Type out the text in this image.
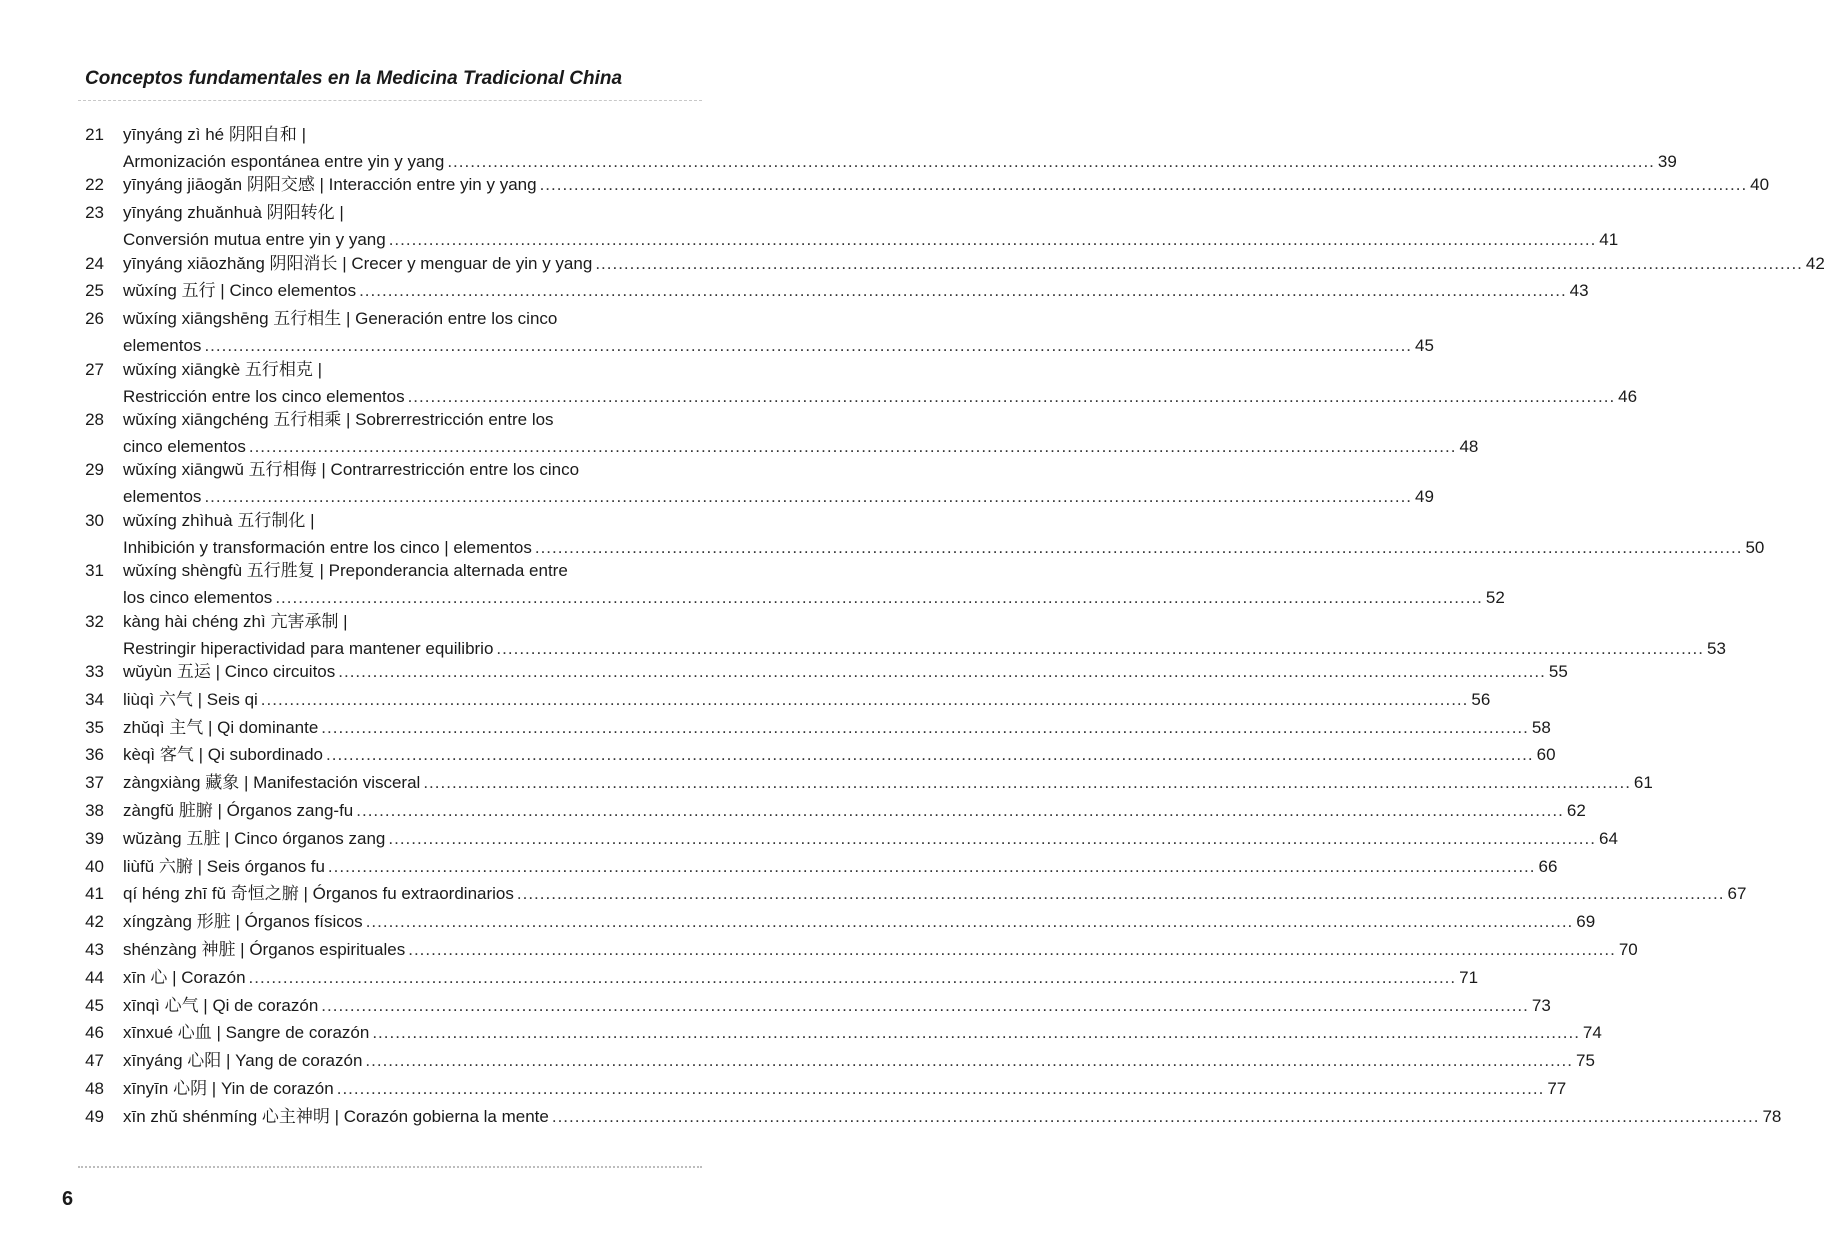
Conceptos fundamentales en la Medicina Tradicional China
21 yīnyáng zì hé 阴阳自和 |
Armonización espontánea entre yin y yang .....	39
22 yīnyáng jiāogǎn 阴阳交感 | Interacción entre yin y yang .....	40
23 yīnyáng zhuǎnhuà 阴阳转化 |
Conversión mutua entre yin y yang .....	41
24 yīnyáng xiāozhǎng 阴阳消长 | Crecer y menguar de yin y yang .....	42
25 wǔxíng 五行 | Cinco elementos .....	43
26 wǔxíng xiāngshēng 五行相生 | Generación entre los cinco
elementos .....	45
27 wǔxíng xiāngkè 五行相克 |
Restricción entre los cinco elementos .....	46
28 wǔxíng xiāngchéng 五行相乘 | Sobrerrestricción entre los
cinco elementos .....	48
29 wǔxíng xiāngwǔ 五行相侮 | Contrarrestricción entre los cinco
elementos .....	49
30 wǔxíng zhìhuà 五行制化 |
Inhibición y transformación entre los cinco | elementos .....	50
31 wǔxíng shèngfù 五行胜复 | Preponderancia alternada entre
los cinco elementos .....	52
32 kàng hài chéng zhì 亢害承制 |
Restringir hiperactividad para mantener equilibrio .....	53
33 wǔyùn 五运 | Cinco circuitos .....	55
34 liùqì 六气 | Seis qi .....	56
35 zhǔqì 主气 | Qi dominante .....	58
36 kèqì 客气 | Qi subordinado .....	60
37 zàngxiàng 藏象 | Manifestación visceral .....	61
38 zàngfǔ 脏腑 | Órganos zang-fu .....	62
39 wǔzàng 五脏 | Cinco órganos zang .....	64
40 liùfǔ 六腑 | Seis órganos fu .....	66
41 qí héng zhī fǔ 奇恒之腑 | Órganos fu extraordinarios .....	67
42 xíngzàng 形脏 | Órganos físicos .....	69
43 shénzàng 神脏 | Órganos espirituales .....	70
44 xīn 心 | Corazón .....	71
45 xīnqì 心气 | Qi de corazón .....	73
46 xīnxué 心血 | Sangre de corazón .....	74
47 xīnyáng 心阳 | Yang de corazón .....	75
48 xīnyīn 心阴 | Yin de corazón .....	77
49 xīn zhǔ shénmíng 心主神明 | Corazón gobierna la mente .....	78
6
